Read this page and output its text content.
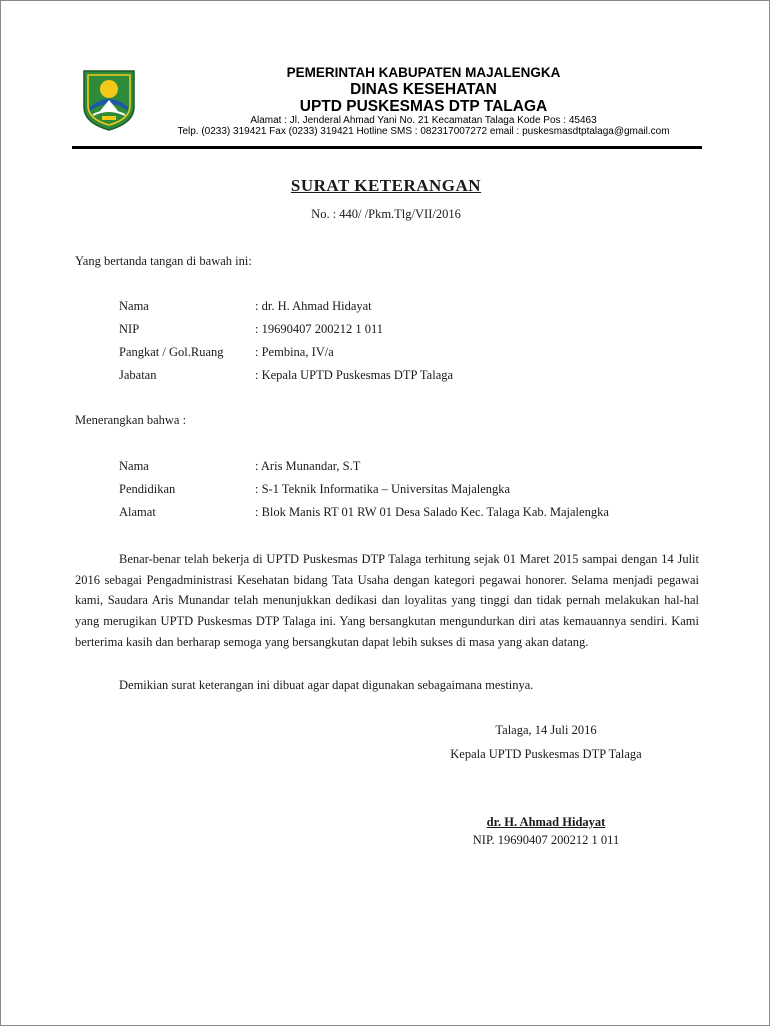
PEMERINTAH KABUPATEN MAJALENGKA
DINAS KESEHATAN
UPTD PUSKESMAS DTP TALAGA
Alamat : Jl. Jenderal Ahmad Yani No. 21 Kecamatan Talaga Kode Pos : 45463
Telp. (0233) 319421 Fax (0233) 319421 Hotline SMS : 082317007272 email : puskesmasdtptalaga@gmail.com
SURAT KETERANGAN
No. : 440/ /Pkm.Tlg/VII/2016
Yang bertanda tangan di bawah ini:
Nama	: dr. H. Ahmad Hidayat
NIP	: 19690407 200212 1 011
Pangkat / Gol.Ruang	: Pembina, IV/a
Jabatan	: Kepala UPTD Puskesmas DTP Talaga
Menerangkan bahwa :
Nama	: Aris Munandar, S.T
Pendidikan	: S-1 Teknik Informatika – Universitas Majalengka
Alamat	: Blok Manis RT 01 RW 01 Desa Salado Kec. Talaga Kab. Majalengka

Benar-benar telah bekerja di UPTD Puskesmas DTP Talaga terhitung sejak 01 Maret 2015 sampai dengan 14 Julit 2016 sebagai Pengadministrasi Kesehatan bidang Tata Usaha dengan kategori pegawai honorer. Selama menjadi pegawai kami, Saudara Aris Munandar telah menunjukkan dedikasi dan loyalitas yang tinggi dan tidak pernah melakukan hal-hal yang merugikan UPTD Puskesmas DTP Talaga ini. Yang bersangkutan mengundurkan diri atas kemauannya sendiri. Kami berterima kasih dan berharap semoga yang bersangkutan dapat lebih sukses di masa yang akan datang.

Demikian surat keterangan ini dibuat agar dapat digunakan sebagaimana mestinya.
Talaga, 14 Juli 2016
Kepala UPTD Puskesmas DTP Talaga
dr. H. Ahmad Hidayat
NIP. 19690407 200212 1 011
